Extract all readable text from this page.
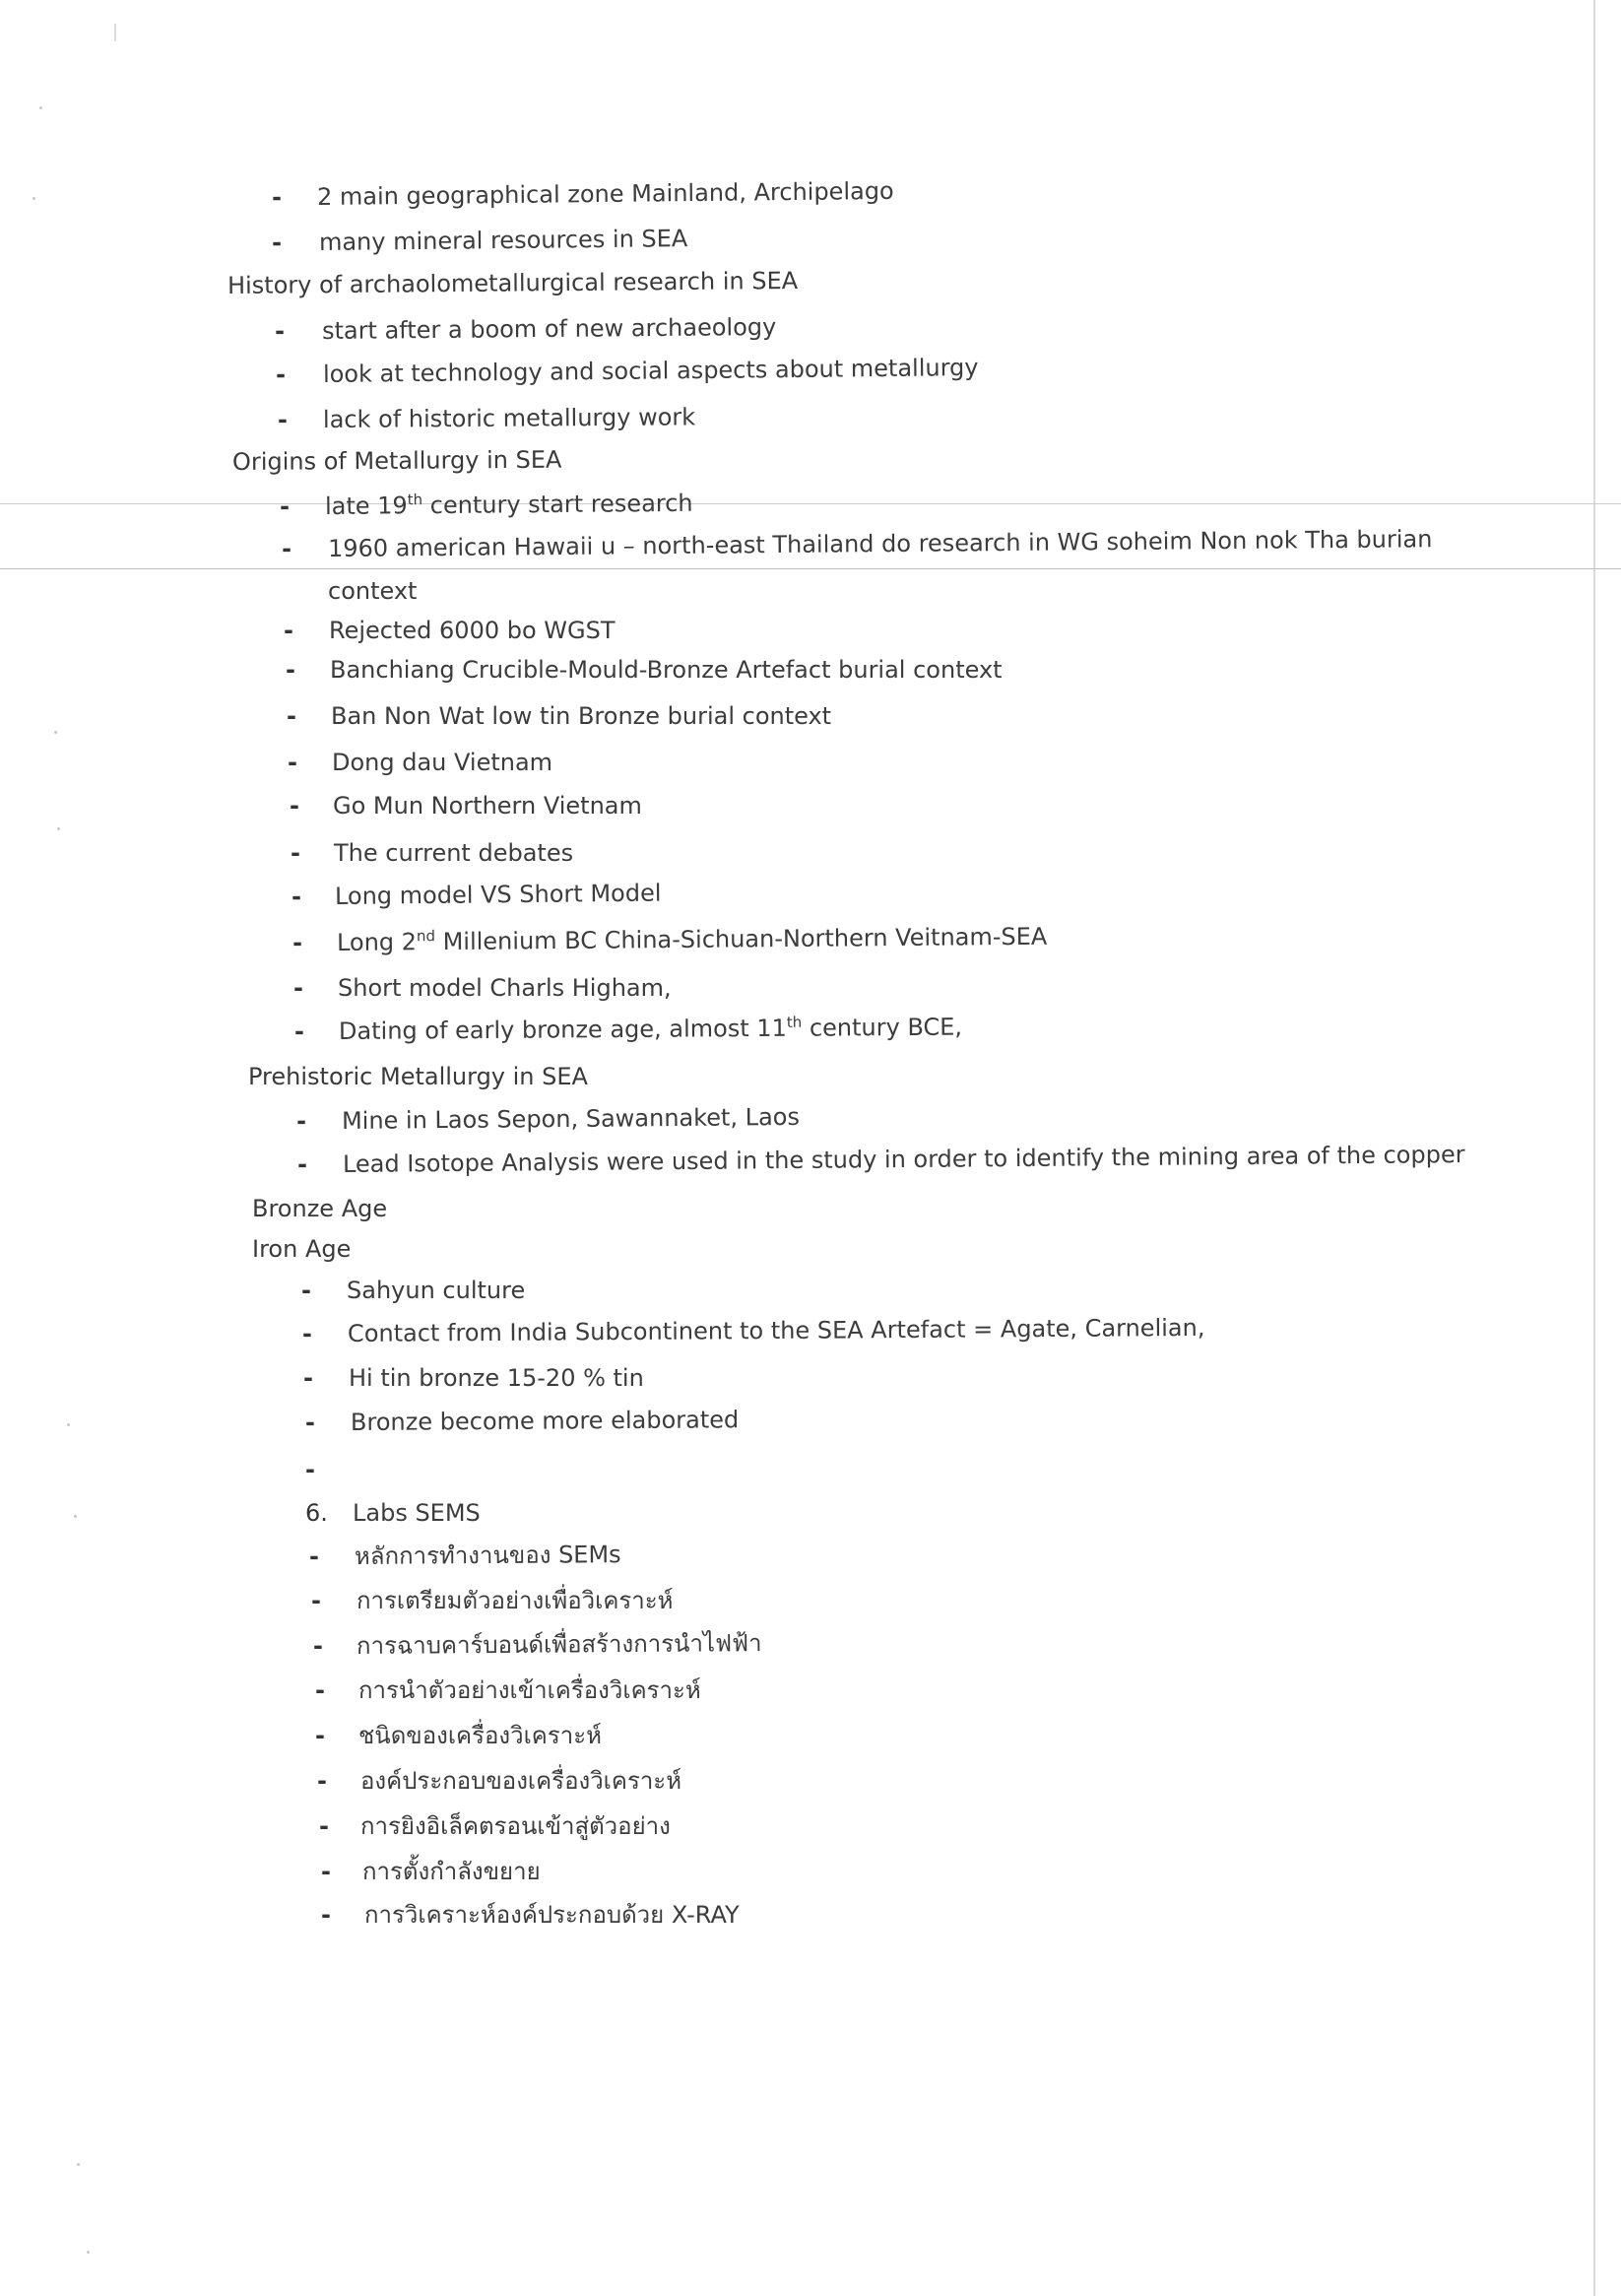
- 2 main geographical zone Mainland, Archipelago
- many mineral resources in SEA
History of archaolometallurgical research in SEA
- start after a boom of new archaeology
- look at technology and social aspects about metallurgy
- lack of historic metallurgy work
Origins of Metallurgy in SEA
- late 19th century start research
- 1960 american Hawaii u – north-east Thailand do research in WG soheim Non nok Tha burian
context
- Rejected 6000 bo WGST
- Banchiang Crucible-Mould-Bronze Artefact burial context
- Ban Non Wat low tin Bronze burial context
- Dong dau Vietnam
- Go Mun Northern Vietnam
- The current debates
- Long model VS Short Model
- Long 2nd Millenium BC China-Sichuan-Northern Veitnam-SEA
- Short model Charls Higham,
- Dating of early bronze age, almost 11th century BCE,
Prehistoric Metallurgy in SEA
- Mine in Laos Sepon, Sawannaket, Laos
- Lead Isotope Analysis were used in the study in order to identify the mining area of the copper
Bronze Age
Iron Age
- Sahyun culture
- Contact from India Subcontinent to the SEA Artefact = Agate, Carnelian,
- Hi tin bronze 15-20 % tin
- Bronze become more elaborated
-
6. Labs SEMS
- หลักการทำงานของ SEMs
- การเตรียมตัวอย่างเพื่อวิเคราะห์
- การฉาบคาร์บอนด์เพื่อสร้างการนำไฟฟ้า
- การนำตัวอย่างเข้าเครื่องวิเคราะห์
- ชนิดของเครื่องวิเคราะห์
- องค์ประกอบของเครื่องวิเคราะห์
- การยิงอิเล็คตรอนเข้าสู่ตัวอย่าง
- การตั้งกำลังขยาย
- การวิเคราะห์องค์ประกอบด้วย X-RAY
